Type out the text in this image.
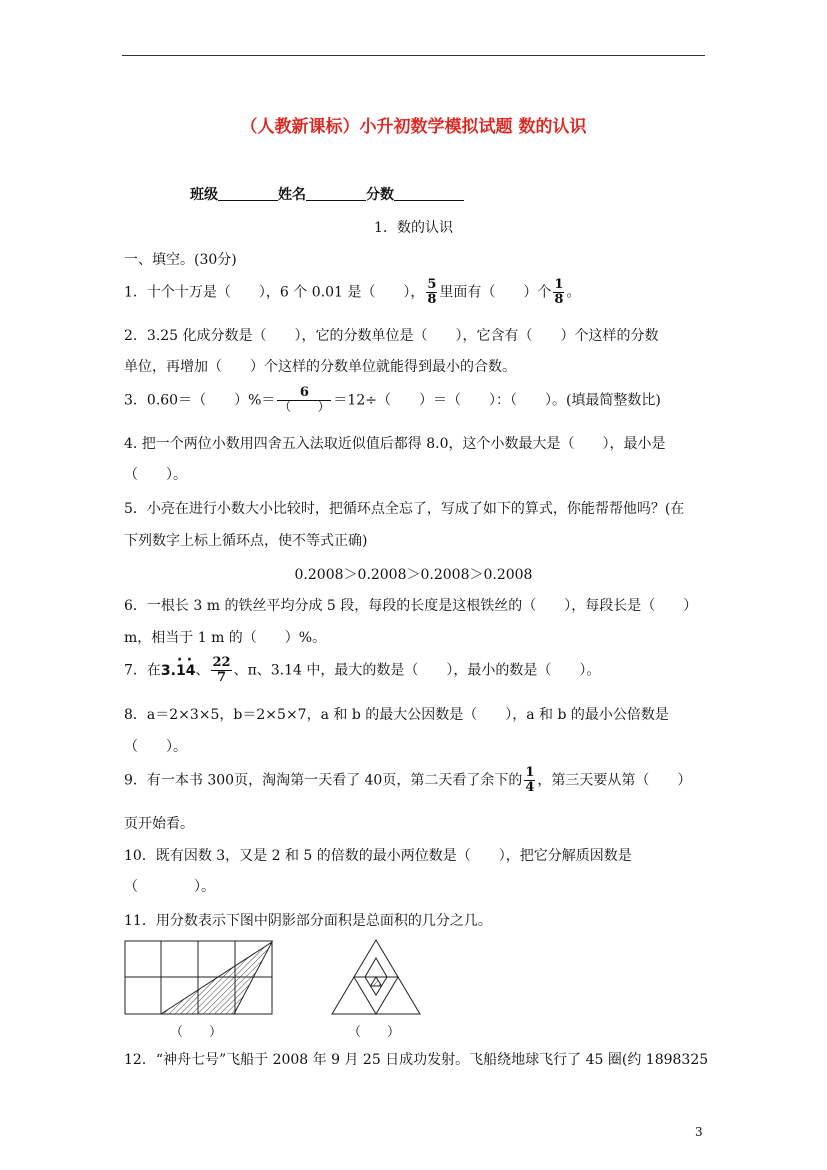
（人教新课标）小升初数学模拟试题 数的认识
班级	姓名	分数
1．数的认识
一、填空。(30分)
1．十个十万是（　　），6 个 0.01 是（　　）， $\frac{5}{8}$ 里面有（　　）个 $\frac{1}{8}$ 。
2．3.25 化成分数是（　　），它的分数单位是（　　），它含有（　　）个这样的分数
单位，再增加（　　）个这样的分数单位就能得到最小的合数。
3．0.60＝（　　）%＝ $\frac{6}{( )} =12\div$（　　）＝（　　）：（　　）。(填最简整数比)
4. 把一个两位小数用四舍五入法取近似值后都得 8.0，这个小数最大是（　　），最小是
（　　）。
5．小亮在进行小数大小比较时，把循环点全忘了，写成了如下的算式，你能帮帮他吗？(在
下列数字上标上循环点，使不等式正确)
0.2008＞0.2008＞0.2008＞0.2008
6．一根长 3 m 的铁丝平均分成 5 段，每段的长度是这根铁丝的（　　），每段长是（　　）
m，相当于 1 m 的（　　）%。
7．在3.· 1· 4、 $\frac{22}{7}$ 、π、3.14 中，最大的数是（　　），最小的数是（　　）。
8．a＝2×3×5，b＝2×5×7，a 和 b 的最大公因数是（　　），a 和 b 的最小公倍数是
（　　）。
9．有一本书 300页，淘淘第一天看了 40页，第二天看了余下的 $\frac{1}{4}$ ，第三天要从第（　　）
页开始看。
10．既有因数 3，又是 2 和 5 的倍数的最小两位数是（　　），把它分解质因数是
（　　　　）。
11．用分数表示下图中阴影部分面积是总面积的几分之几。
（　　）	（　　）
12．“神舟七号”飞船于 2008 年 9 月 25 日成功发射。飞船绕地球飞行了 45 圈(约 1898325
3
